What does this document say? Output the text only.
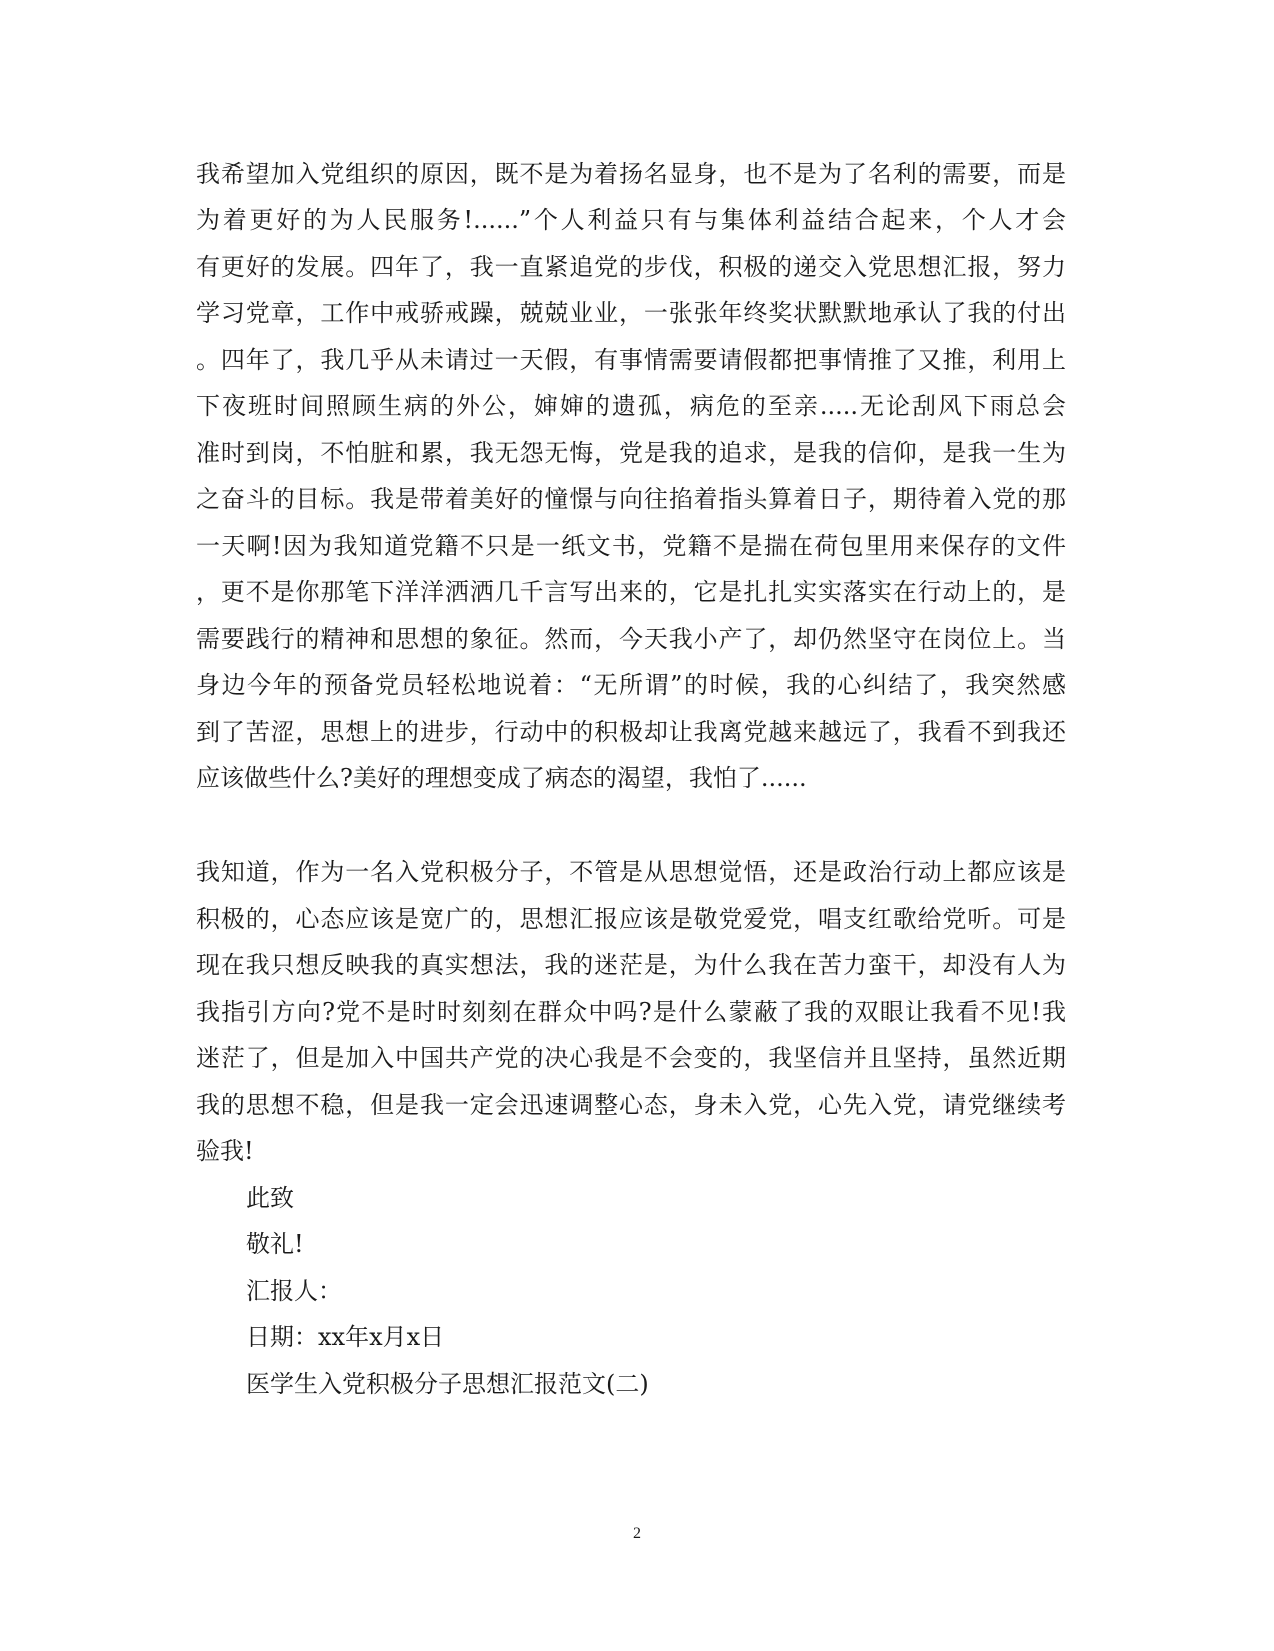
我希望加入党组织的原因，既不是为着扬名显身，也不是为了名利的需要，而是
为着更好的为人民服务!......”个人利益只有与集体利益结合起来，个人才会
有更好的发展。四年了，我一直紧追党的步伐，积极的递交入党思想汇报，努力
学习党章，工作中戒骄戒躁，兢兢业业，一张张年终奖状默默地承认了我的付出
。四年了，我几乎从未请过一天假，有事情需要请假都把事情推了又推，利用上
下夜班时间照顾生病的外公，婶婶的遗孤，病危的至亲.....无论刮风下雨总会
准时到岗，不怕脏和累，我无怨无悔，党是我的追求，是我的信仰，是我一生为
之奋斗的目标。我是带着美好的憧憬与向往掐着指头算着日子，期待着入党的那
一天啊!因为我知道党籍不只是一纸文书，党籍不是揣在荷包里用来保存的文件
，更不是你那笔下洋洋洒洒几千言写出来的，它是扎扎实实落实在行动上的，是
需要践行的精神和思想的象征。然而，今天我小产了，却仍然坚守在岗位上。当
身边今年的预备党员轻松地说着：“无所谓”的时候，我的心纠结了，我突然感
到了苦涩，思想上的进步，行动中的积极却让我离党越来越远了，我看不到我还
应该做些什么?美好的理想变成了病态的渴望，我怕了......
我知道，作为一名入党积极分子，不管是从思想觉悟，还是政治行动上都应该是
积极的，心态应该是宽广的，思想汇报应该是敬党爱党，唱支红歌给党听。可是
现在我只想反映我的真实想法，我的迷茫是，为什么我在苦力蛮干，却没有人为
我指引方向?党不是时时刻刻在群众中吗?是什么蒙蔽了我的双眼让我看不见!我
迷茫了，但是加入中国共产党的决心我是不会变的，我坚信并且坚持，虽然近期
我的思想不稳，但是我一定会迅速调整心态，身未入党，心先入党，请党继续考
验我!
此致
敬礼!
汇报人：
日期：xx年x月x日
医学生入党积极分子思想汇报范文(二)
2
